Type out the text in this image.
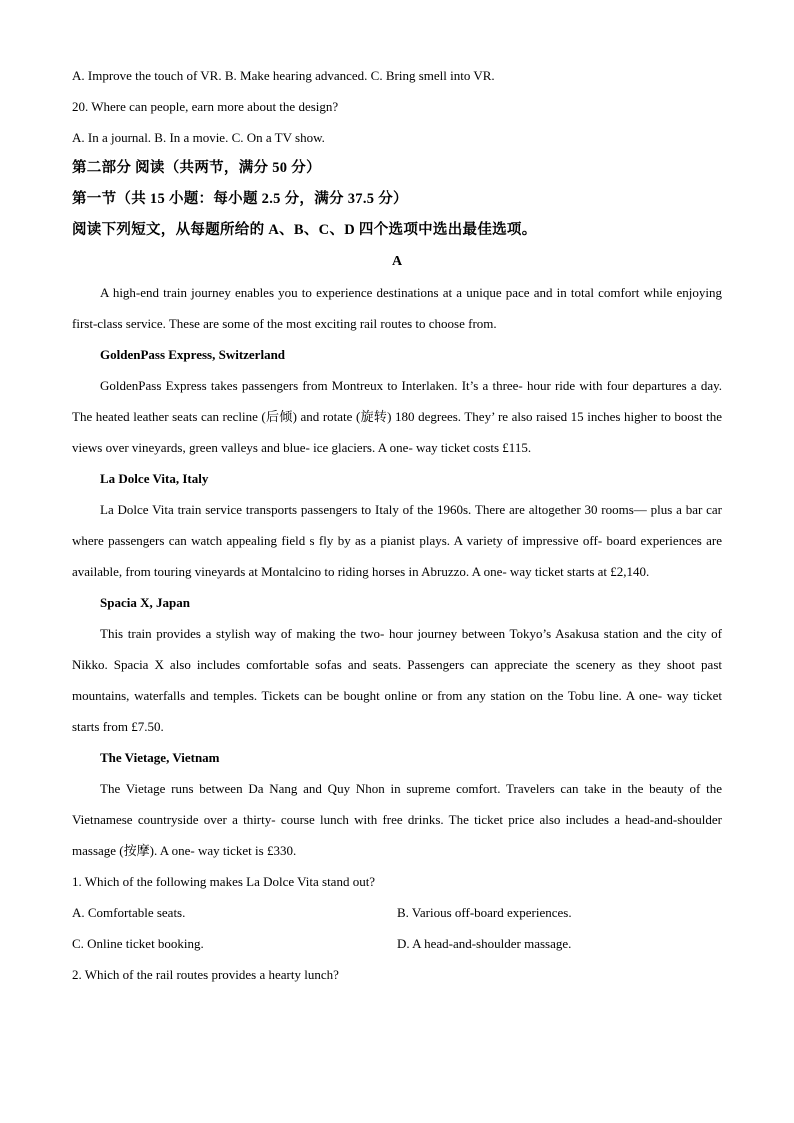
A. Improve the touch of VR. B. Make hearing advanced. C. Bring smell into VR.
20. Where can people, earn more about the design?
A. In a journal. B. In a movie. C. On a TV show.
第二部分 阅读（共两节，满分 50 分）
第一节（共 15 小题：每小题 2.5 分，满分 37.5 分）
阅读下列短文，从每题所给的 A、B、C、D 四个选项中选出最佳选项。
A
A high-end train journey enables you to experience destinations at a unique pace and in total comfort while enjoying first-class service. These are some of the most exciting rail routes to choose from.
GoldenPass Express, Switzerland
GoldenPass Express takes passengers from Montreux to Interlaken. It’s a three- hour ride with four departures a day. The heated leather seats can recline (后倾) and rotate (旋转) 180 degrees. They’ re also raised 15 inches higher to boost the views over vineyards, green valleys and blue- ice glaciers. A one- way ticket costs £115.
La Dolce Vita, Italy
La Dolce Vita train service transports passengers to Italy of the 1960s. There are altogether 30 rooms— plus a bar car where passengers can watch appealing field s fly by as a pianist plays. A variety of impressive off- board experiences are available, from touring vineyards at Montalcino to riding horses in Abruzzo. A one- way ticket starts at £2,140.
Spacia X, Japan
This train provides a stylish way of making the two- hour journey between Tokyo’s Asakusa station and the city of Nikko. Spacia X also includes comfortable sofas and seats. Passengers can appreciate the scenery as they shoot past mountains, waterfalls and temples. Tickets can be bought online or from any station on the Tobu line. A one- way ticket starts from £7.50.
The Vietage, Vietnam
The Vietage runs between Da Nang and Quy Nhon in supreme comfort. Travelers can take in the beauty of the Vietnamese countryside over a thirty- course lunch with free drinks. The ticket price also includes a head-and-shoulder massage (按摩). A one- way ticket is £330.
1. Which of the following makes La Dolce Vita stand out?
A. Comfortable seats.	B. Various off-board experiences.
C. Online ticket booking.	D. A head-and-shoulder massage.
2. Which of the rail routes provides a hearty lunch?
